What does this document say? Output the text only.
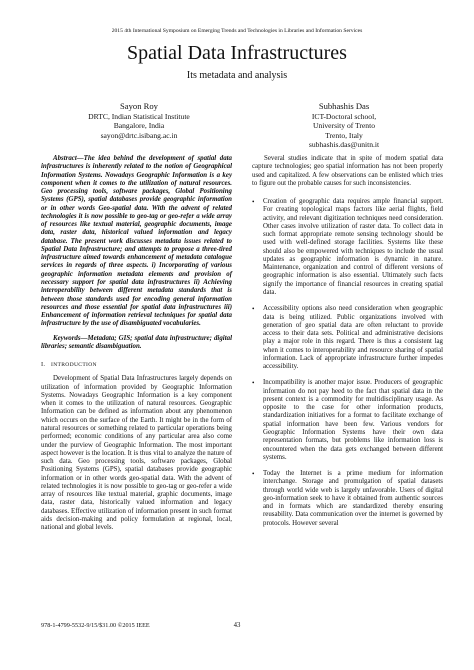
2015 4th International Symposium on Emerging Trends and Technologies in Libraries and Information Services
Spatial Data Infrastructures
Its metadata and analysis
Sayon Roy
DRTC, Indian Statistical Institute
Bangalore, India
sayon@drtc.isibang.ac.in
Subhashis Das
ICT-Doctoral school,
University of Trento
Trento, Italy
subhashis.das@unitn.it

Abstract—The idea behind the development of spatial data infrastructures is inherently related to the notion of Geographical Information Systems. Nowadays Geographic Information is a key component when it comes to the utilization of natural resources. Geo processing tools, software packages, Global Positioning Systems (GPS), spatial databases provide geographic information or in other words Geo-spatial data. With the advent of related technologies it is now possible to geo-tag or geo-refer a wide array of resources like textual material, geographic documents, image data, raster data, historical valued information and legacy database. The present work discusses metadata issues related to Spatial Data Infrastructure; and attempts to propose a three-tired infrastructure aimed towards enhancement of metadata catalogue services in regards of three aspects. i) Incorporating of various geographic information metadata elements and provision of necessary support for spatial data infrastructures ii) Achieving interoperability between different metadata standards that is between those standards used for encoding general information resources and those essential for spatial data infrastructures iii) Enhancement of information retrieval techniques for spatial data infrastructure by the use of disambiguated vocabularies.

Keywords—Metadata; GIS; spatial data infrastructure; digital libraries; semantic disambiguation.

I. INTRODUCTION

Development of Spatial Data Infrastructures largely depends on utilization of information provided by Geographic Information Systems. Nowadays Geographic Information is a key component when it comes to the utilization of natural resources. Geographic Information can be defined as information about any phenomenon which occurs on the surface of the Earth. It might be in the form of natural resources or something related to particular operations being performed; economic conditions of any particular area also come under the purview of Geographic Information. The most important aspect however is the location. It is thus vital to analyze the nature of such data. Geo processing tools, software packages, Global Positioning Systems (GPS), spatial databases provide geographic information or in other words geo-spatial data. With the advent of related technologies it is now possible to geo-tag or geo-refer a wide array of resources like textual material, graphic documents, image data, raster data, historically valued information and legacy databases. Effective utilization of information present in such format aids decision-making and policy formulation at regional, local, national and global levels.

Several studies indicate that in spite of modern spatial data capture technologies; geo spatial information has not been properly used and capitalized. A few observations can be enlisted which tries to figure out the probable causes for such inconsistencies.

• Creation of geographic data requires ample financial support. For creating topological maps factors like aerial flights, field activity, and relevant digitization techniques need consideration. Other cases involve utilization of raster data. To collect data in such format appropriate remote sensing technology should be used with well-defined storage facilities. Systems like these should also be empowered with techniques to include the usual updates as geographic information is dynamic in nature. Maintenance, organization and control of different versions of geographic information is also essential. Ultimately such facts signify the importance of financial resources in creating spatial data.
• Accessibility options also need consideration when geographic data is being utilized. Public organizations involved with generation of geo spatial data are often reluctant to provide access to their data sets. Political and administrative decisions play a major role in this regard. There is thus a consistent lag when it comes to interoperability and resource sharing of spatial information. Lack of appropriate infrastructure further impedes accessibility.
• Incompatibility is another major issue. Producers of geographic information do not pay heed to the fact that spatial data in the present context is a commodity for multidisciplinary usage. As opposite to the case for other information products, standardization initiatives for a format to facilitate exchange of spatial information have been few. Various vendors for Geographic Information Systems have their own data representation formats, but problems like information loss is encountered when the data gets exchanged between different systems.
• Today the Internet is a prime medium for information interchange. Storage and promulgation of spatial datasets through world wide web is largely unfavorable. Users of digital geo-information seek to have it obtained from authentic sources and in formats which are standardized thereby ensuring reusability. Data communication over the internet is governed by protocols. However several
978-1-4799-5532-9/15/$31.00 ©2015 IEEE	43
